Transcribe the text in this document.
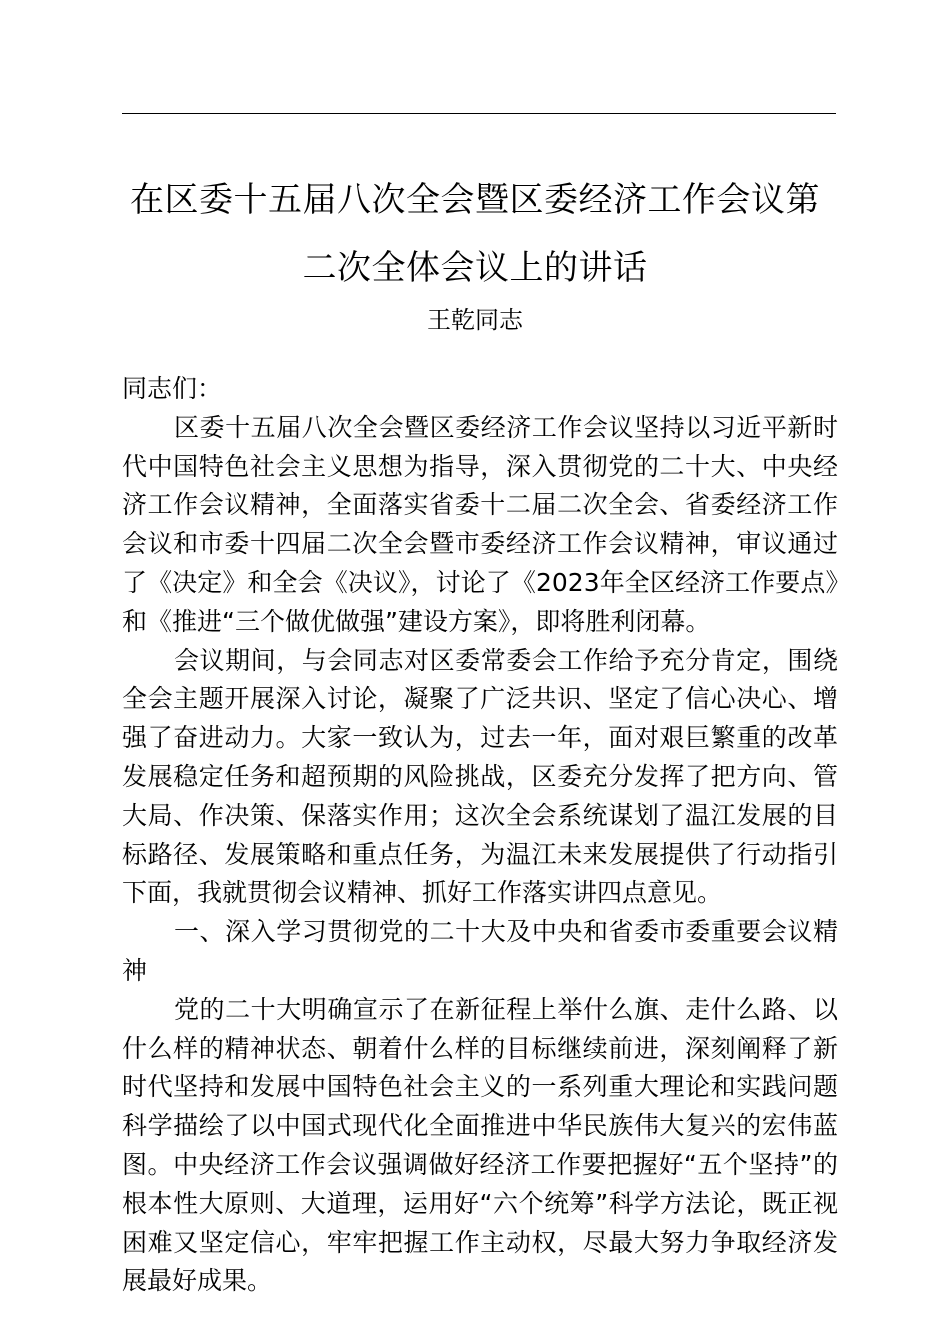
在区委十五届八次全会暨区委经济工作会议第
二次全体会议上的讲话
王乾同志

同志们：

区委十五届八次全会暨区委经济工作会议坚持以习近平新时代中国特色社会主义思想为指导，深入贯彻党的二十大、中央经济工作会议精神，全面落实省委十二届二次全会、省委经济工作会议和市委十四届二次全会暨市委经济工作会议精神，审议通过了《决定》和全会《决议》，讨论了《2023年全区经济工作要点》和《推进“三个做优做强”建设方案》，即将胜利闭幕。

会议期间，与会同志对区委常委会工作给予充分肯定，围绕全会主题开展深入讨论，凝聚了广泛共识、坚定了信心决心、增强了奋进动力。大家一致认为，过去一年，面对艰巨繁重的改革发展稳定任务和超预期的风险挑战，区委充分发挥了把方向、管大局、作决策、保落实作用；这次全会系统谋划了温江发展的目标路径、发展策略和重点任务，为温江未来发展提供了行动指引下面，我就贯彻会议精神、抓好工作落实讲四点意见。

一、深入学习贯彻党的二十大及中央和省委市委重要会议精神

党的二十大明确宣示了在新征程上举什么旗、走什么路、以什么样的精神状态、朝着什么样的目标继续前进，深刻阐释了新时代坚持和发展中国特色社会主义的一系列重大理论和实践问题科学描绘了以中国式现代化全面推进中华民族伟大复兴的宏伟蓝图。中央经济工作会议强调做好经济工作要把握好“五个坚持”的根本性大原则、大道理，运用好“六个统筹”科学方法论，既正视困难又坚定信心，牢牢把握工作主动权，尽最大努力争取经济发展最好成果。
